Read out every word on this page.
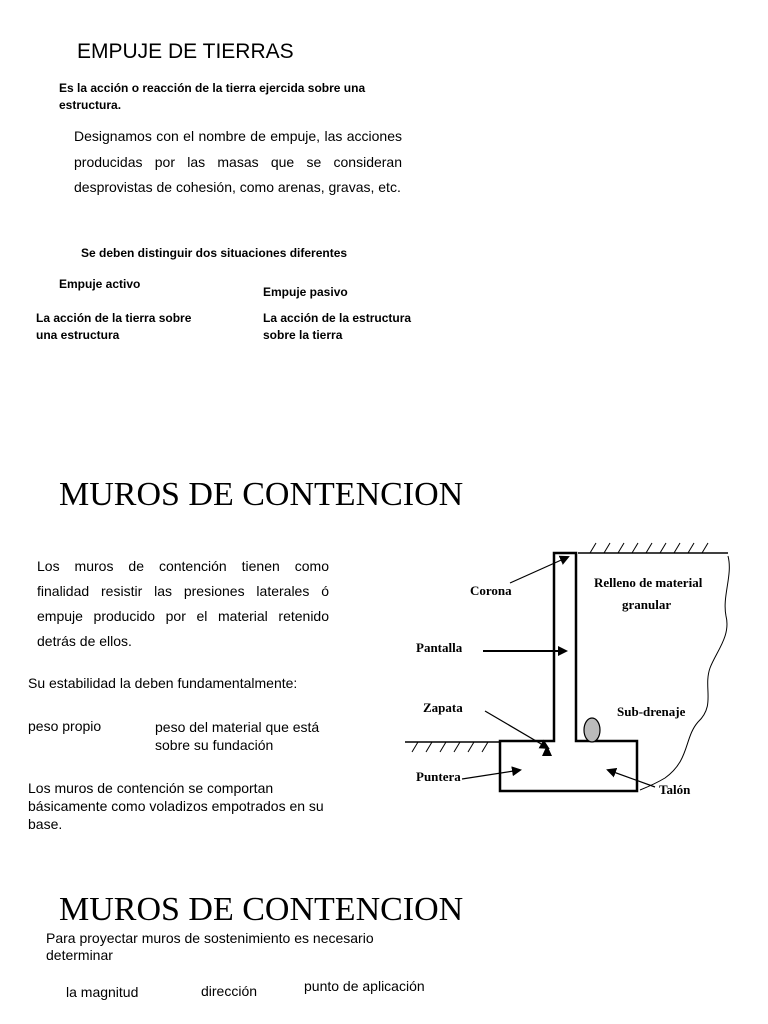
EMPUJE DE TIERRAS
Es la acción o reacción de la tierra ejercida sobre una estructura.
Designamos con el nombre de empuje, las acciones producidas por las masas que se consideran desprovistas de cohesión, como arenas, gravas, etc.
Se deben distinguir dos situaciones diferentes
Empuje activo
Empuje pasivo
La acción de la tierra sobre una estructura
La acción de la estructura sobre la tierra
MUROS DE CONTENCION
Los muros de contención tienen como finalidad resistir las presiones laterales ó empuje producido por el material retenido detrás de ellos.
Su estabilidad la deben fundamentalmente:
peso propio	peso del material que está sobre su fundación
Los muros de contención se comportan básicamente como voladizos empotrados en su base.
Corona
Relleno de material
granular
Pantalla
Zapata	Sub-drenaje
Puntera
Talón
MUROS DE CONTENCION
Para proyectar muros de sostenimiento es necesario determinar
la magnitud	dirección	punto de aplicación
